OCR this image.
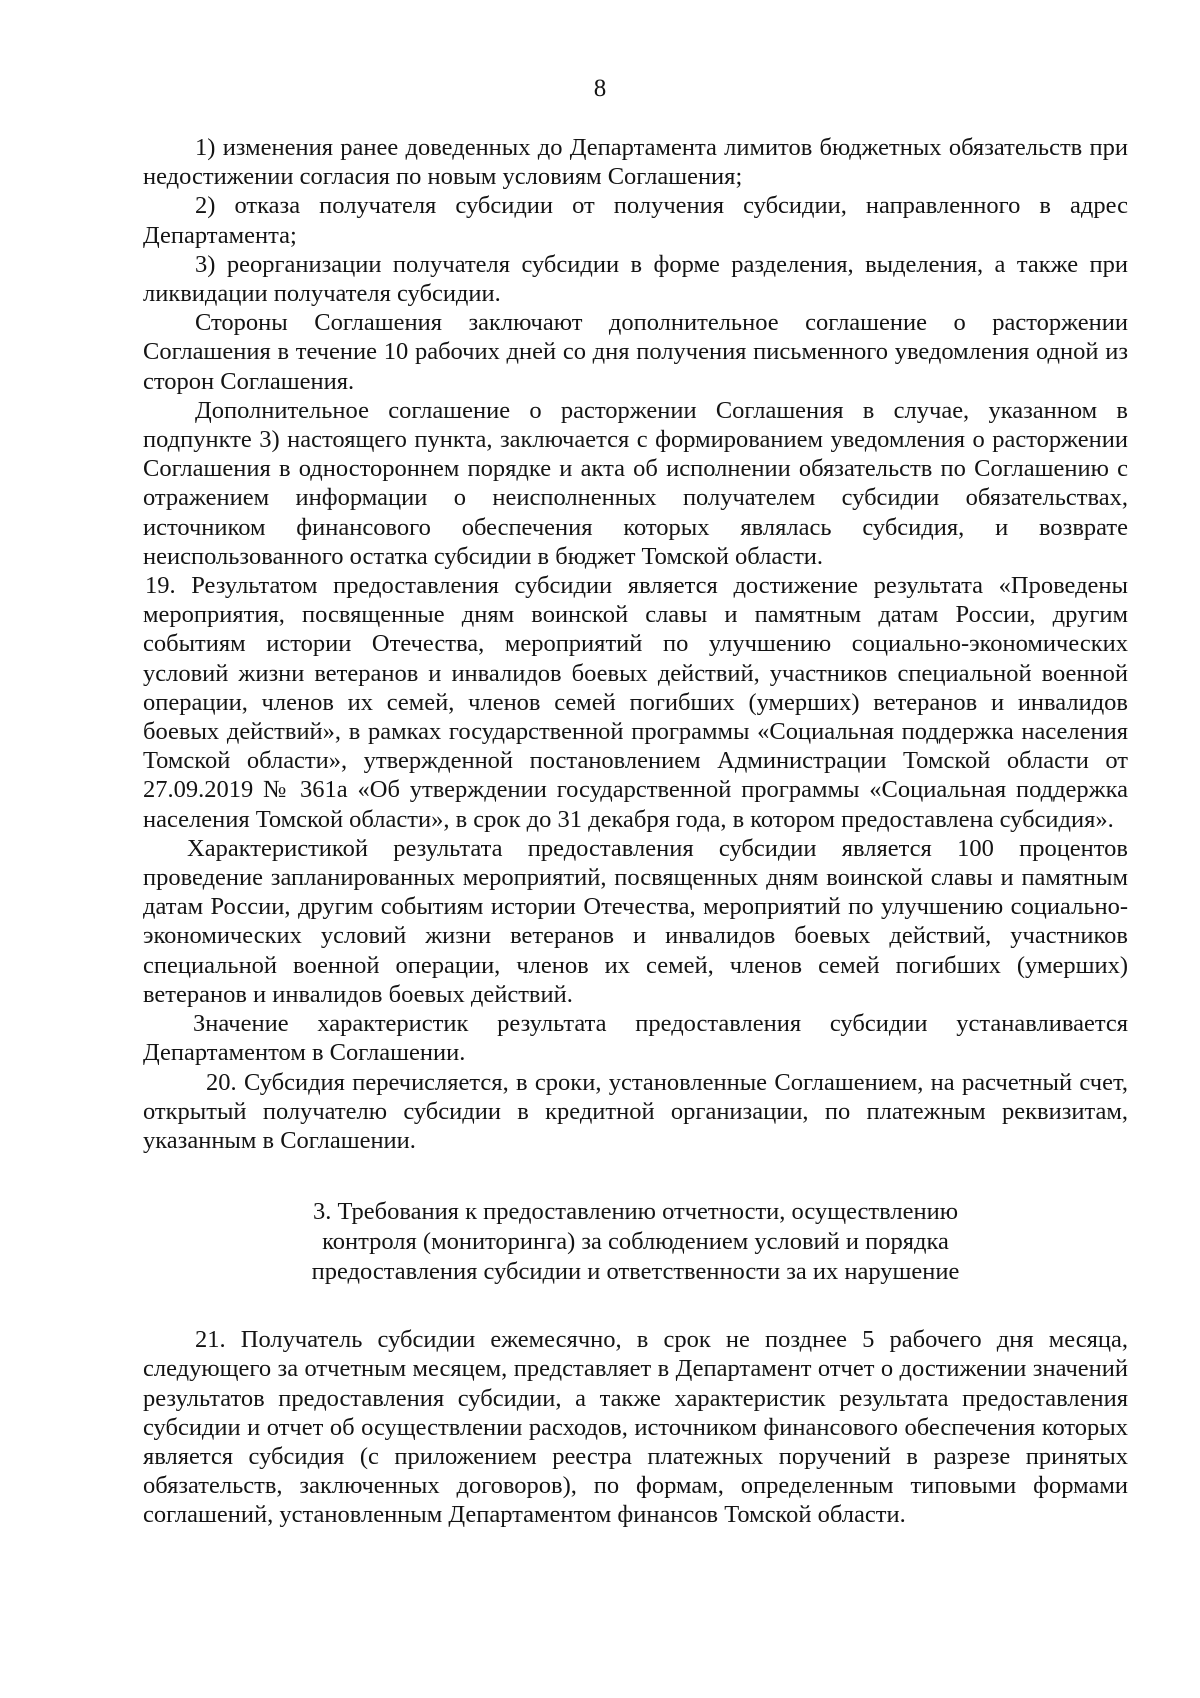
8

1) изменения ранее доведенных до Департамента лимитов бюджетных обязательств при недостижении согласия по новым условиям Соглашения;

2) отказа получателя субсидии от получения субсидии, направленного в адрес Департамента;

3) реорганизации получателя субсидии в форме разделения, выделения, а также при ликвидации получателя субсидии.

Стороны Соглашения заключают дополнительное соглашение о расторжении Соглашения в течение 10 рабочих дней со дня получения письменного уведомления одной из сторон Соглашения.

Дополнительное соглашение о расторжении Соглашения в случае, указанном в подпункте 3) настоящего пункта, заключается с формированием уведомления о расторжении Соглашения в одностороннем порядке и акта об исполнении обязательств по Соглашению с отражением информации о неисполненных получателем субсидии обязательствах, источником финансового обеспечения которых являлась субсидия, и возврате неиспользованного остатка субсидии в бюджет Томской области.

19. Результатом предоставления субсидии является достижение результата «Проведены мероприятия, посвященные дням воинской славы и памятным датам России, другим событиям истории Отечества, мероприятий по улучшению социально-экономических условий жизни ветеранов и инвалидов боевых действий, участников специальной военной операции, членов их семей, членов семей погибших (умерших) ветеранов и инвалидов боевых действий», в рамках государственной программы «Социальная поддержка населения Томской области», утвержденной постановлением Администрации Томской области от 27.09.2019 № 361а «Об утверждении государственной программы «Социальная поддержка населения Томской области», в срок до 31 декабря года, в котором предоставлена субсидия».

Характеристикой результата предоставления субсидии является 100 процентов проведение запланированных мероприятий, посвященных дням воинской славы и памятным датам России, другим событиям истории Отечества, мероприятий по улучшению социально-экономических условий жизни ветеранов и инвалидов боевых действий, участников специальной военной операции, членов их семей, членов семей погибших (умерших) ветеранов и инвалидов боевых действий.

Значение характеристик результата предоставления субсидии устанавливается Департаментом в Соглашении.

20. Субсидия перечисляется, в сроки, установленные Соглашением, на расчетный счет, открытый получателю субсидии в кредитной организации, по платежным реквизитам, указанным в Соглашении.

3. Требования к предоставлению отчетности, осуществлению
контроля (мониторинга) за соблюдением условий и порядка
предоставления субсидии и ответственности за их нарушение

21. Получатель субсидии ежемесячно, в срок не позднее 5 рабочего дня месяца, следующего за отчетным месяцем, представляет в Департамент отчет о достижении значений результатов предоставления субсидии, а также характеристик результата предоставления субсидии и отчет об осуществлении расходов, источником финансового обеспечения которых является субсидия (с приложением реестра платежных поручений в разрезе принятых обязательств, заключенных договоров), по формам, определенным типовыми формами соглашений, установленным Департаментом финансов Томской области.
